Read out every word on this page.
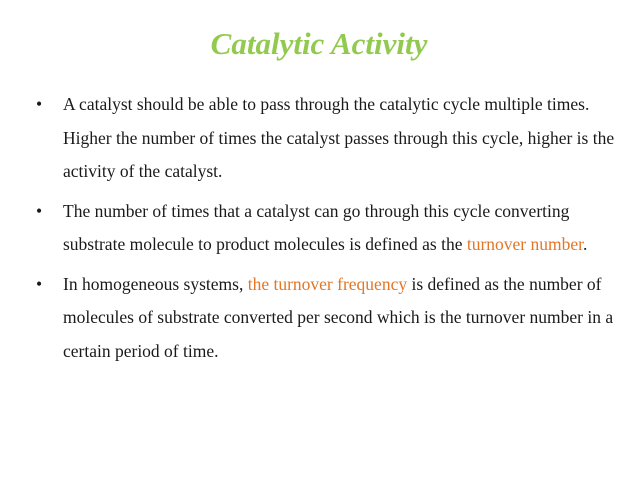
Catalytic Activity
•	A catalyst should be able to pass through the catalytic cycle multiple times. Higher the number of times the catalyst passes through this cycle, higher is the activity of the catalyst.
•	The number of times that a catalyst can go through this cycle converting substrate molecule to product molecules is defined as the turnover number.
•	In homogeneous systems, the turnover frequency is defined as the number of molecules of substrate converted per second which is the turnover number in a certain period of time.
